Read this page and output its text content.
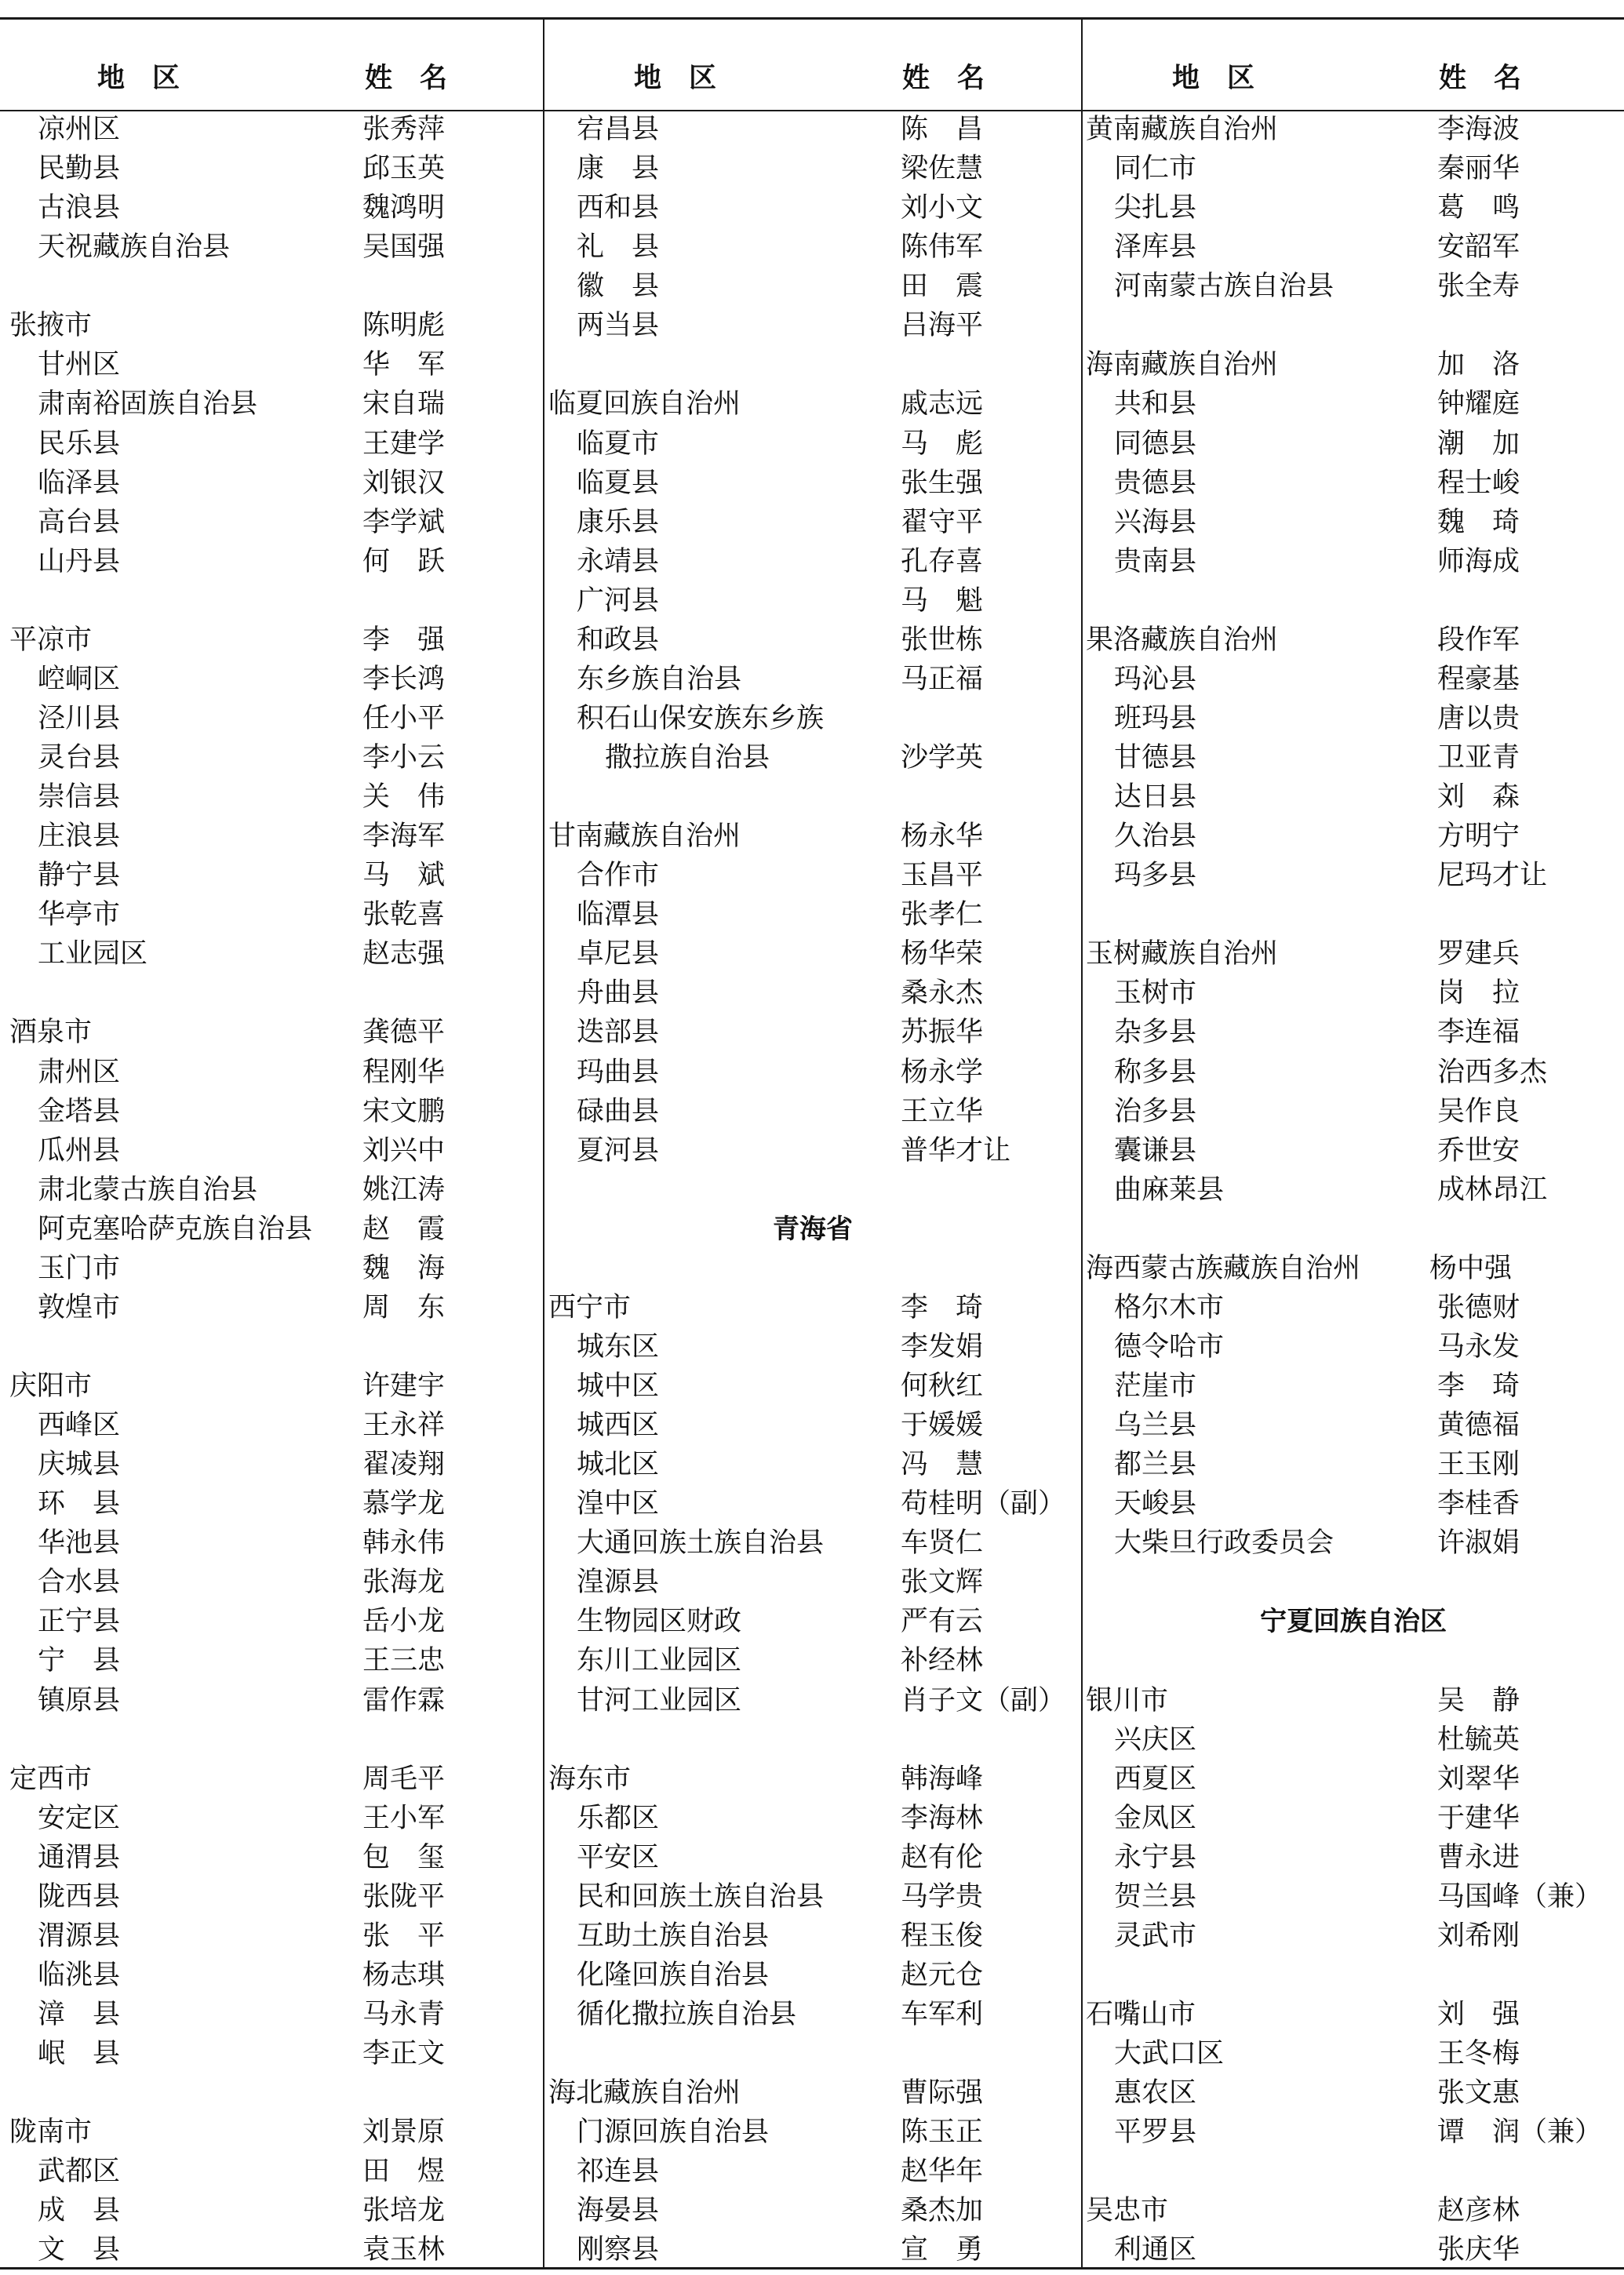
地　区	姓　名	地　区	姓　名	地　区	姓　名
凉州区	张秀萍
民勤县	邱玉英
古浪县	魏鸿明
天祝藏族自治县	吴国强
张掖市	陈明彪
甘州区	华　军
肃南裕固族自治县	宋自瑞
民乐县	王建学
临泽县	刘银汉
高台县	李学斌
山丹县	何　跃
平凉市	李　强
崆峒区	李长鸿
泾川县	任小平
灵台县	李小云
崇信县	关　伟
庄浪县	李海军
静宁县	马　斌
华亭市	张乾喜
工业园区	赵志强
酒泉市	龚德平
肃州区	程刚华
金塔县	宋文鹏
瓜州县	刘兴中
肃北蒙古族自治县	姚江涛
阿克塞哈萨克族自治县 赵　霞
玉门市	魏　海
敦煌市	周　东
庆阳市	许建宇
西峰区	王永祥
庆城县	翟凌翔
环　县	慕学龙
华池县	韩永伟
合水县	张海龙
正宁县	岳小龙
宁　县	王三忠
镇原县	雷作霖
定西市	周毛平
安定区	王小军
通渭县	包　玺
陇西县	张陇平
渭源县	张　平
临洮县	杨志琪
漳　县	马永青
岷　县	李正文
陇南市	刘景原
武都区	田　煜
成　县	张培龙
文　县	袁玉林
宕昌县	陈　昌
康　县	梁佐慧
西和县	刘小文
礼　县	陈伟军
徽　县	田　震
两当县	吕海平
临夏回族自治州	戚志远
临夏市	马　彪
临夏县	张生强
康乐县	翟守平
永靖县	孔存喜
广河县	马　魁
和政县	张世栋
东乡族自治县	马正福
积石山保安族东乡族
撒拉族自治县	沙学英
甘南藏族自治州	杨永华
合作市	玉昌平
临潭县	张孝仁
卓尼县	杨华荣
舟曲县	桑永杰
迭部县	苏振华
玛曲县	杨永学
碌曲县	王立华
夏河县	普华才让
青海省
西宁市	李　琦
城东区	李发娟
城中区	何秋红
城西区	于媛媛
城北区	冯　慧
湟中区	苟桂明（副）
大通回族土族自治县	车贤仁
湟源县	张文辉
生物园区财政	严有云
东川工业园区	补经林
甘河工业园区	肖子文（副）
海东市	韩海峰
乐都区	李海林
平安区	赵有伦
民和回族土族自治县	马学贵
互助土族自治县	程玉俊
化隆回族自治县	赵元仓
循化撒拉族自治县	车军利
海北藏族自治州	曹际强
门源回族自治县	陈玉正
祁连县	赵华年
海晏县	桑杰加
刚察县	宣　勇
黄南藏族自治州	李海波
同仁市	秦丽华
尖扎县	葛　鸣
泽库县	安韶军
河南蒙古族自治县	张全寿
海南藏族自治州	加　洛
共和县	钟耀庭
同德县	潮　加
贵德县	程士峻
兴海县	魏　琦
贵南县	师海成
果洛藏族自治州	段作军
玛沁县	程豪基
班玛县	唐以贵
甘德县	卫亚青
达日县	刘　森
久治县	方明宁
玛多县	尼玛才让
玉树藏族自治州	罗建兵
玉树市	岗　拉
杂多县	李连福
称多县	治西多杰
治多县	吴作良
囊谦县	乔世安
曲麻莱县	成林昂江
海西蒙古族藏族自治州	杨中强
格尔木市	张德财
德令哈市	马永发
茫崖市	李　琦
乌兰县	黄德福
都兰县	王玉刚
天峻县	李桂香
大柴旦行政委员会	许淑娟
宁夏回族自治区
银川市	吴　静
兴庆区	杜毓英
西夏区	刘翠华
金凤区	于建华
永宁县	曹永进
贺兰县	马国峰（兼）
灵武市	刘希刚
石嘴山市	刘　强
大武口区	王冬梅
惠农区	张文惠
平罗县	谭　润（兼）
吴忠市	赵彦林
利通区	张庆华
